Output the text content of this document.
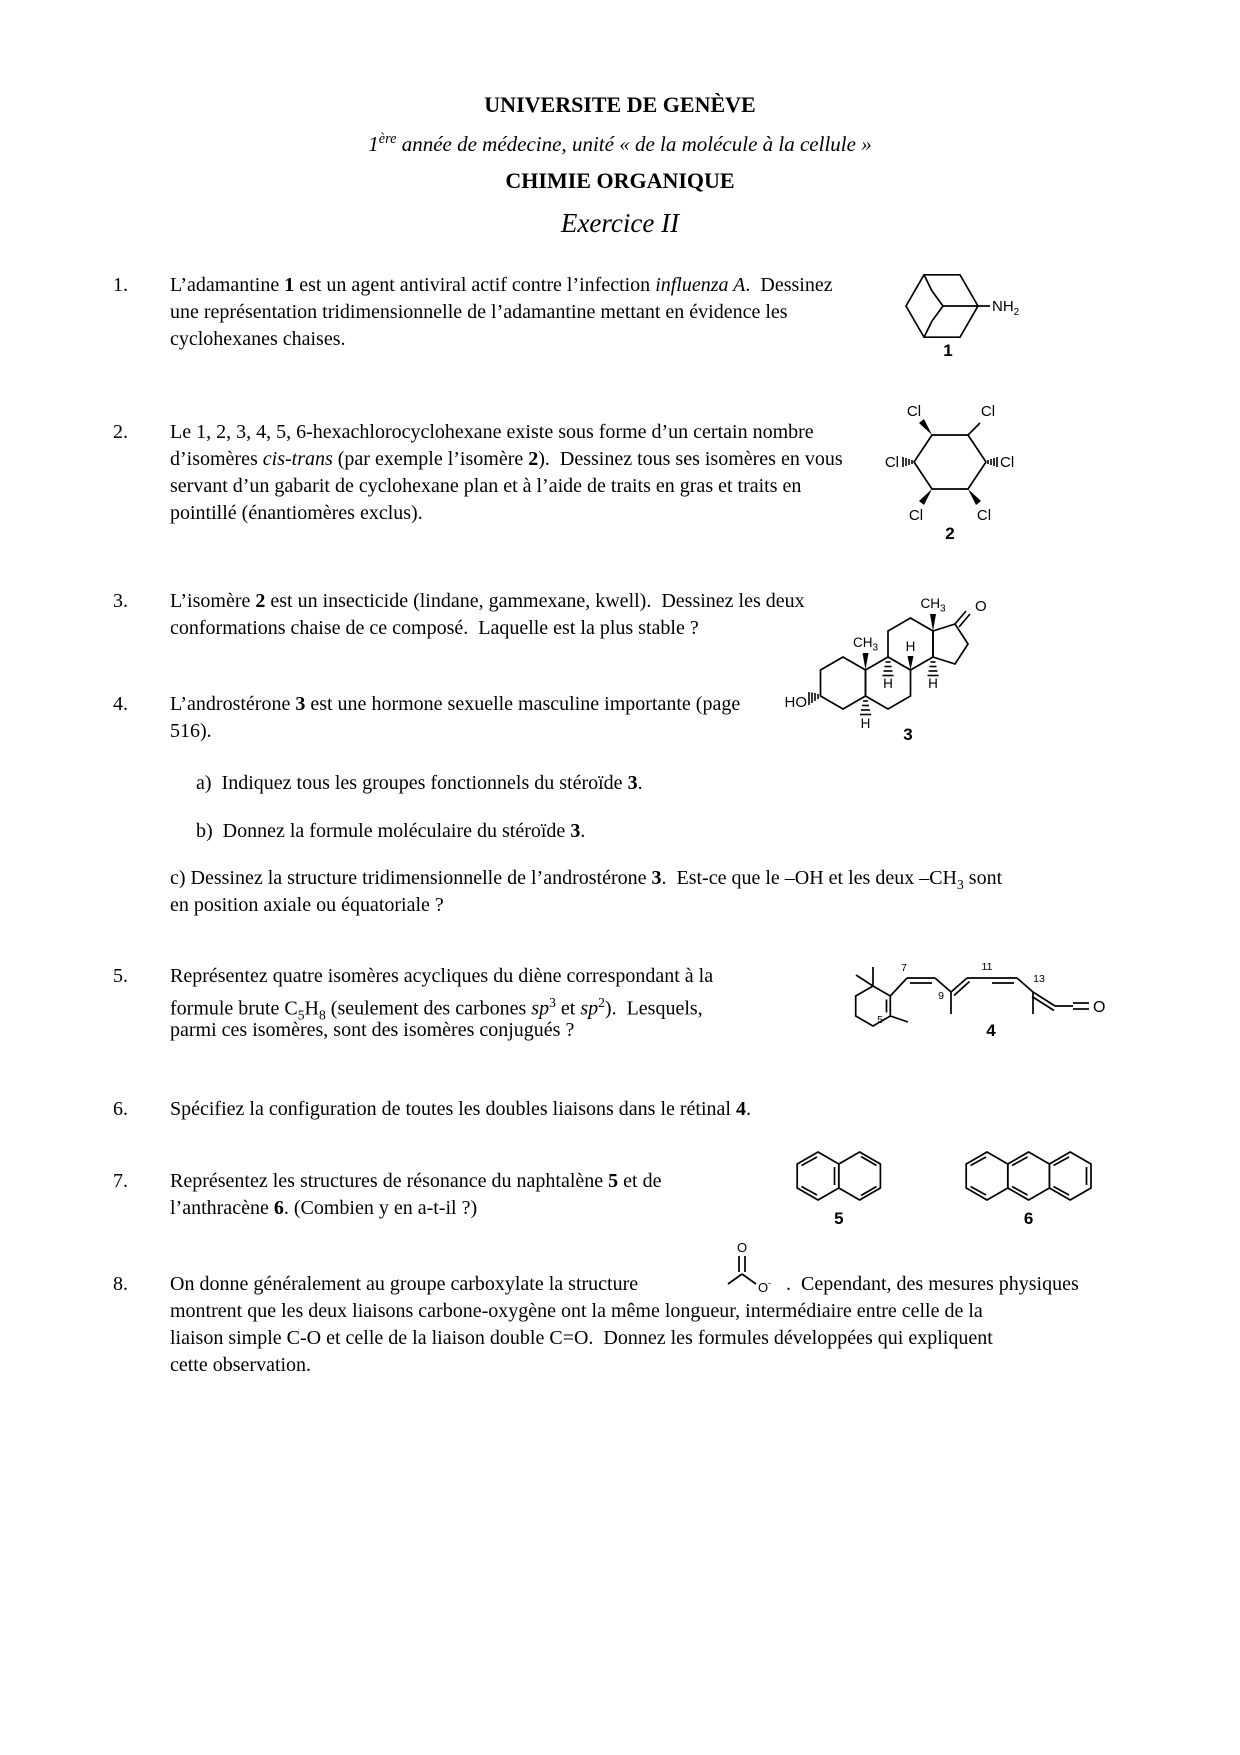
UNIVERSITE DE GENÈVE
1ère année de médecine, unité « de la molécule à la cellule »
CHIMIE ORGANIQUE
Exercice II
1. L’adamantine 1 est un agent antiviral actif contre l’infection influenza A.  Dessinez
une représentation tridimensionnelle de l’adamantine mettant en évidence les
cyclohexanes chaises.
$NH_2$
1
2. Le 1, 2, 3, 4, 5, 6-hexachlorocyclohexane existe sous forme d’un certain nombre
d’isomères cis-trans (par exemple l’isomère 2).  Dessinez tous ses isomères en vous
servant d’un gabarit de cyclohexane plan et à l’aide de traits en gras et traits en
pointillé (énantiomères exclus).
Cl	Cl
Cl	Cl
Cl	Cl
2
3. L’isomère 2 est un insecticide (lindane, gammexane, kwell).  Dessinez les deux
conformations chaise de ce composé.  Laquelle est la plus stable ?
4. L’androstérone 3 est une hormone sexuelle masculine importante (page
516).
a)  Indiquez tous les groupes fonctionnels du stéroïde 3.
b)  Donnez la formule moléculaire du stéroïde 3.
c) Dessinez la structure tridimensionnelle de l’androstérone 3.  Est-ce que le –OH et les deux $-CH_3$ sont
en position axiale ou équatoriale ?
$CH_3$
$CH_3$ O
H
H	H
H
HO
3
5. Représentez quatre isomères acycliques du diène correspondant à la
formule brute $C_5H_8$ (seulement des carbones $sp^3$ et $sp^2$).  Lesquels,
parmi ces isomères, sont des isomères conjugués ?	5
7
9
11
13
O
4
6. Spécifiez la configuration de toutes les doubles liaisons dans le rétinal 4.
7. Représentez les structures de résonance du naphtalène 5 et de
l’anthracène 6. (Combien y en a-t-il ?)	5	6
8. On donne généralement au groupe carboxylate la structure	.  Cependant, des mesures physiques
montrent que les deux liaisons carbone-oxygène ont la même longueur, intermédiaire entre celle de la
liaison simple C-O et celle de la liaison double C=O.  Donnez les formules développées qui expliquent
cette observation.
O
O-
